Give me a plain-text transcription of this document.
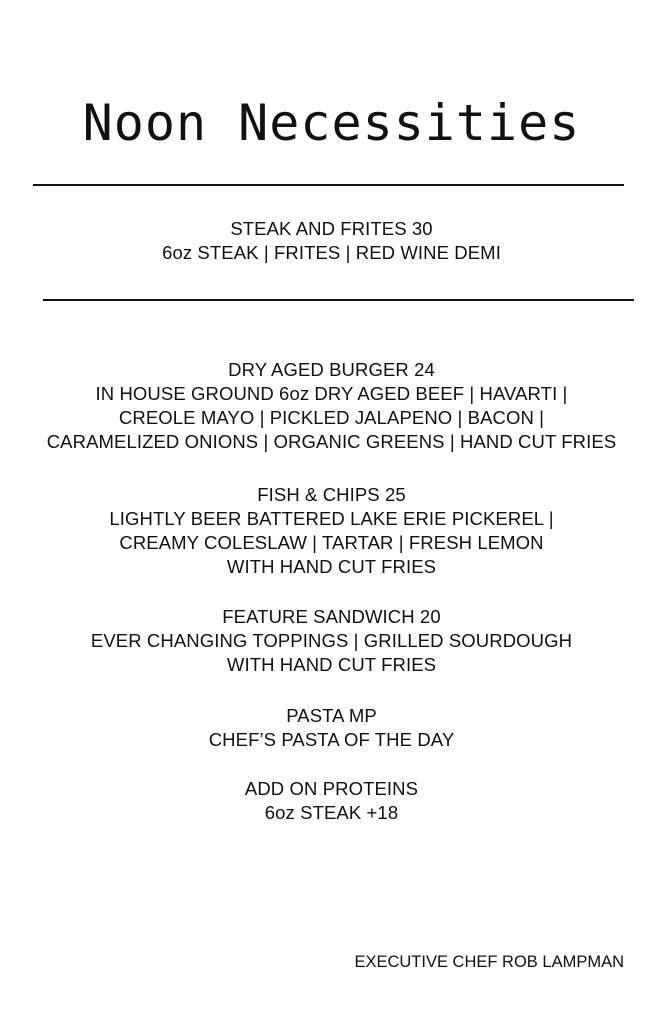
Noon Necessities
STEAK AND FRITES 30
6oz STEAK | FRITES | RED WINE DEMI
DRY AGED BURGER 24
IN HOUSE GROUND 6oz DRY AGED BEEF | HAVARTI |
CREOLE MAYO | PICKLED JALAPENO | BACON |
CARAMELIZED ONIONS | ORGANIC GREENS | HAND CUT FRIES
FISH & CHIPS 25
LIGHTLY BEER BATTERED LAKE ERIE PICKEREL |
CREAMY COLESLAW | TARTAR | FRESH LEMON
WITH HAND CUT FRIES
FEATURE SANDWICH 20
EVER CHANGING TOPPINGS | GRILLED SOURDOUGH
WITH HAND CUT FRIES
PASTA MP
CHEF’S PASTA OF THE DAY
ADD ON PROTEINS
6oz STEAK +18
EXECUTIVE CHEF ROB LAMPMAN
